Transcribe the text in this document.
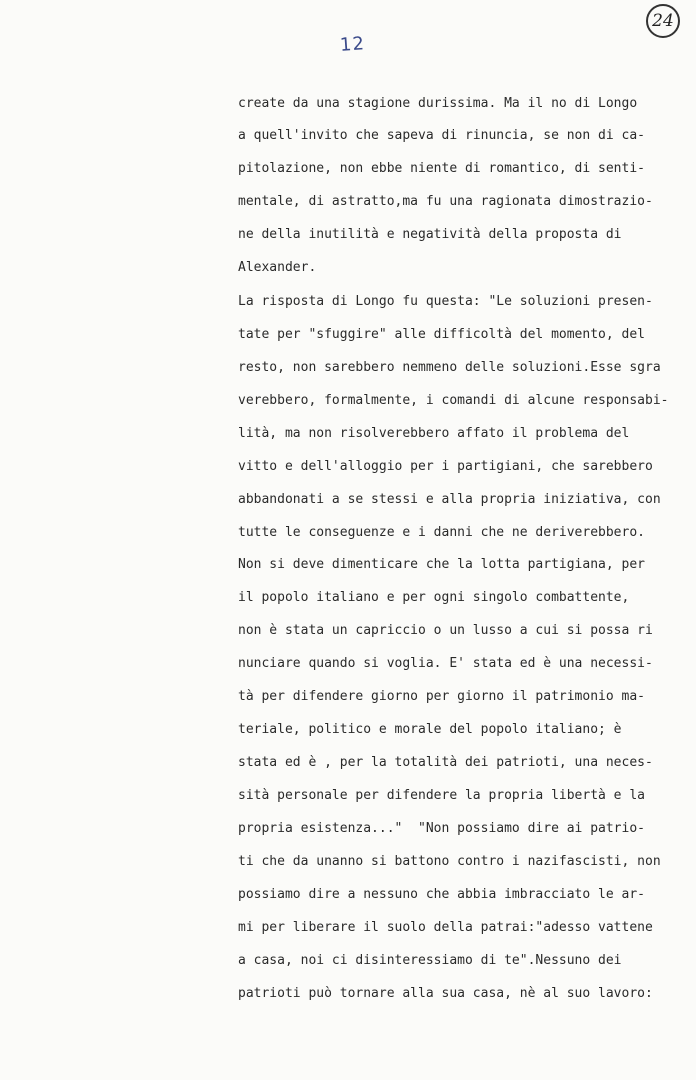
12
24
create da una stagione durissima. Ma il no di Longo
a quell'invito che sapeva di rinuncia, se non di ca-
pitolazione, non ebbe niente di romantico, di senti-
mentale, di astratto,ma fu una ragionata dimostrazio-
ne della inutilità e negatività della proposta di
Alexander.
La risposta di Longo fu questa: "Le soluzioni presen-
tate per "sfuggire" alle difficoltà del momento, del
resto, non sarebbero nemmeno delle soluzioni.Esse sgra
verebbero, formalmente, i comandi di alcune responsabi-
lità, ma non risolverebbero affato il problema del
vitto e dell'alloggio per i partigiani, che sarebbero
abbandonati a se stessi e alla propria iniziativa, con
tutte le conseguenze e i danni che ne deriverebbero.
Non si deve dimenticare che la lotta partigiana, per
il popolo italiano e per ogni singolo combattente,
non è stata un capriccio o un lusso a cui si possa ri
nunciare quando si voglia. E' stata ed è una necessi-
tà per difendere giorno per giorno il patrimonio ma-
teriale, politico e morale del popolo italiano; è
stata ed è , per la totalità dei patrioti, una neces-
sità personale per difendere la propria libertà e la
propria esistenza..."  "Non possiamo dire ai patrio-
ti che da unanno si battono contro i nazifascisti, non
possiamo dire a nessuno che abbia imbracciato le ar-
mi per liberare il suolo della patrai:"adesso vattene
a casa, noi ci disinteressiamo di te".Nessuno dei
patrioti può tornare alla sua casa, nè al suo lavoro:
